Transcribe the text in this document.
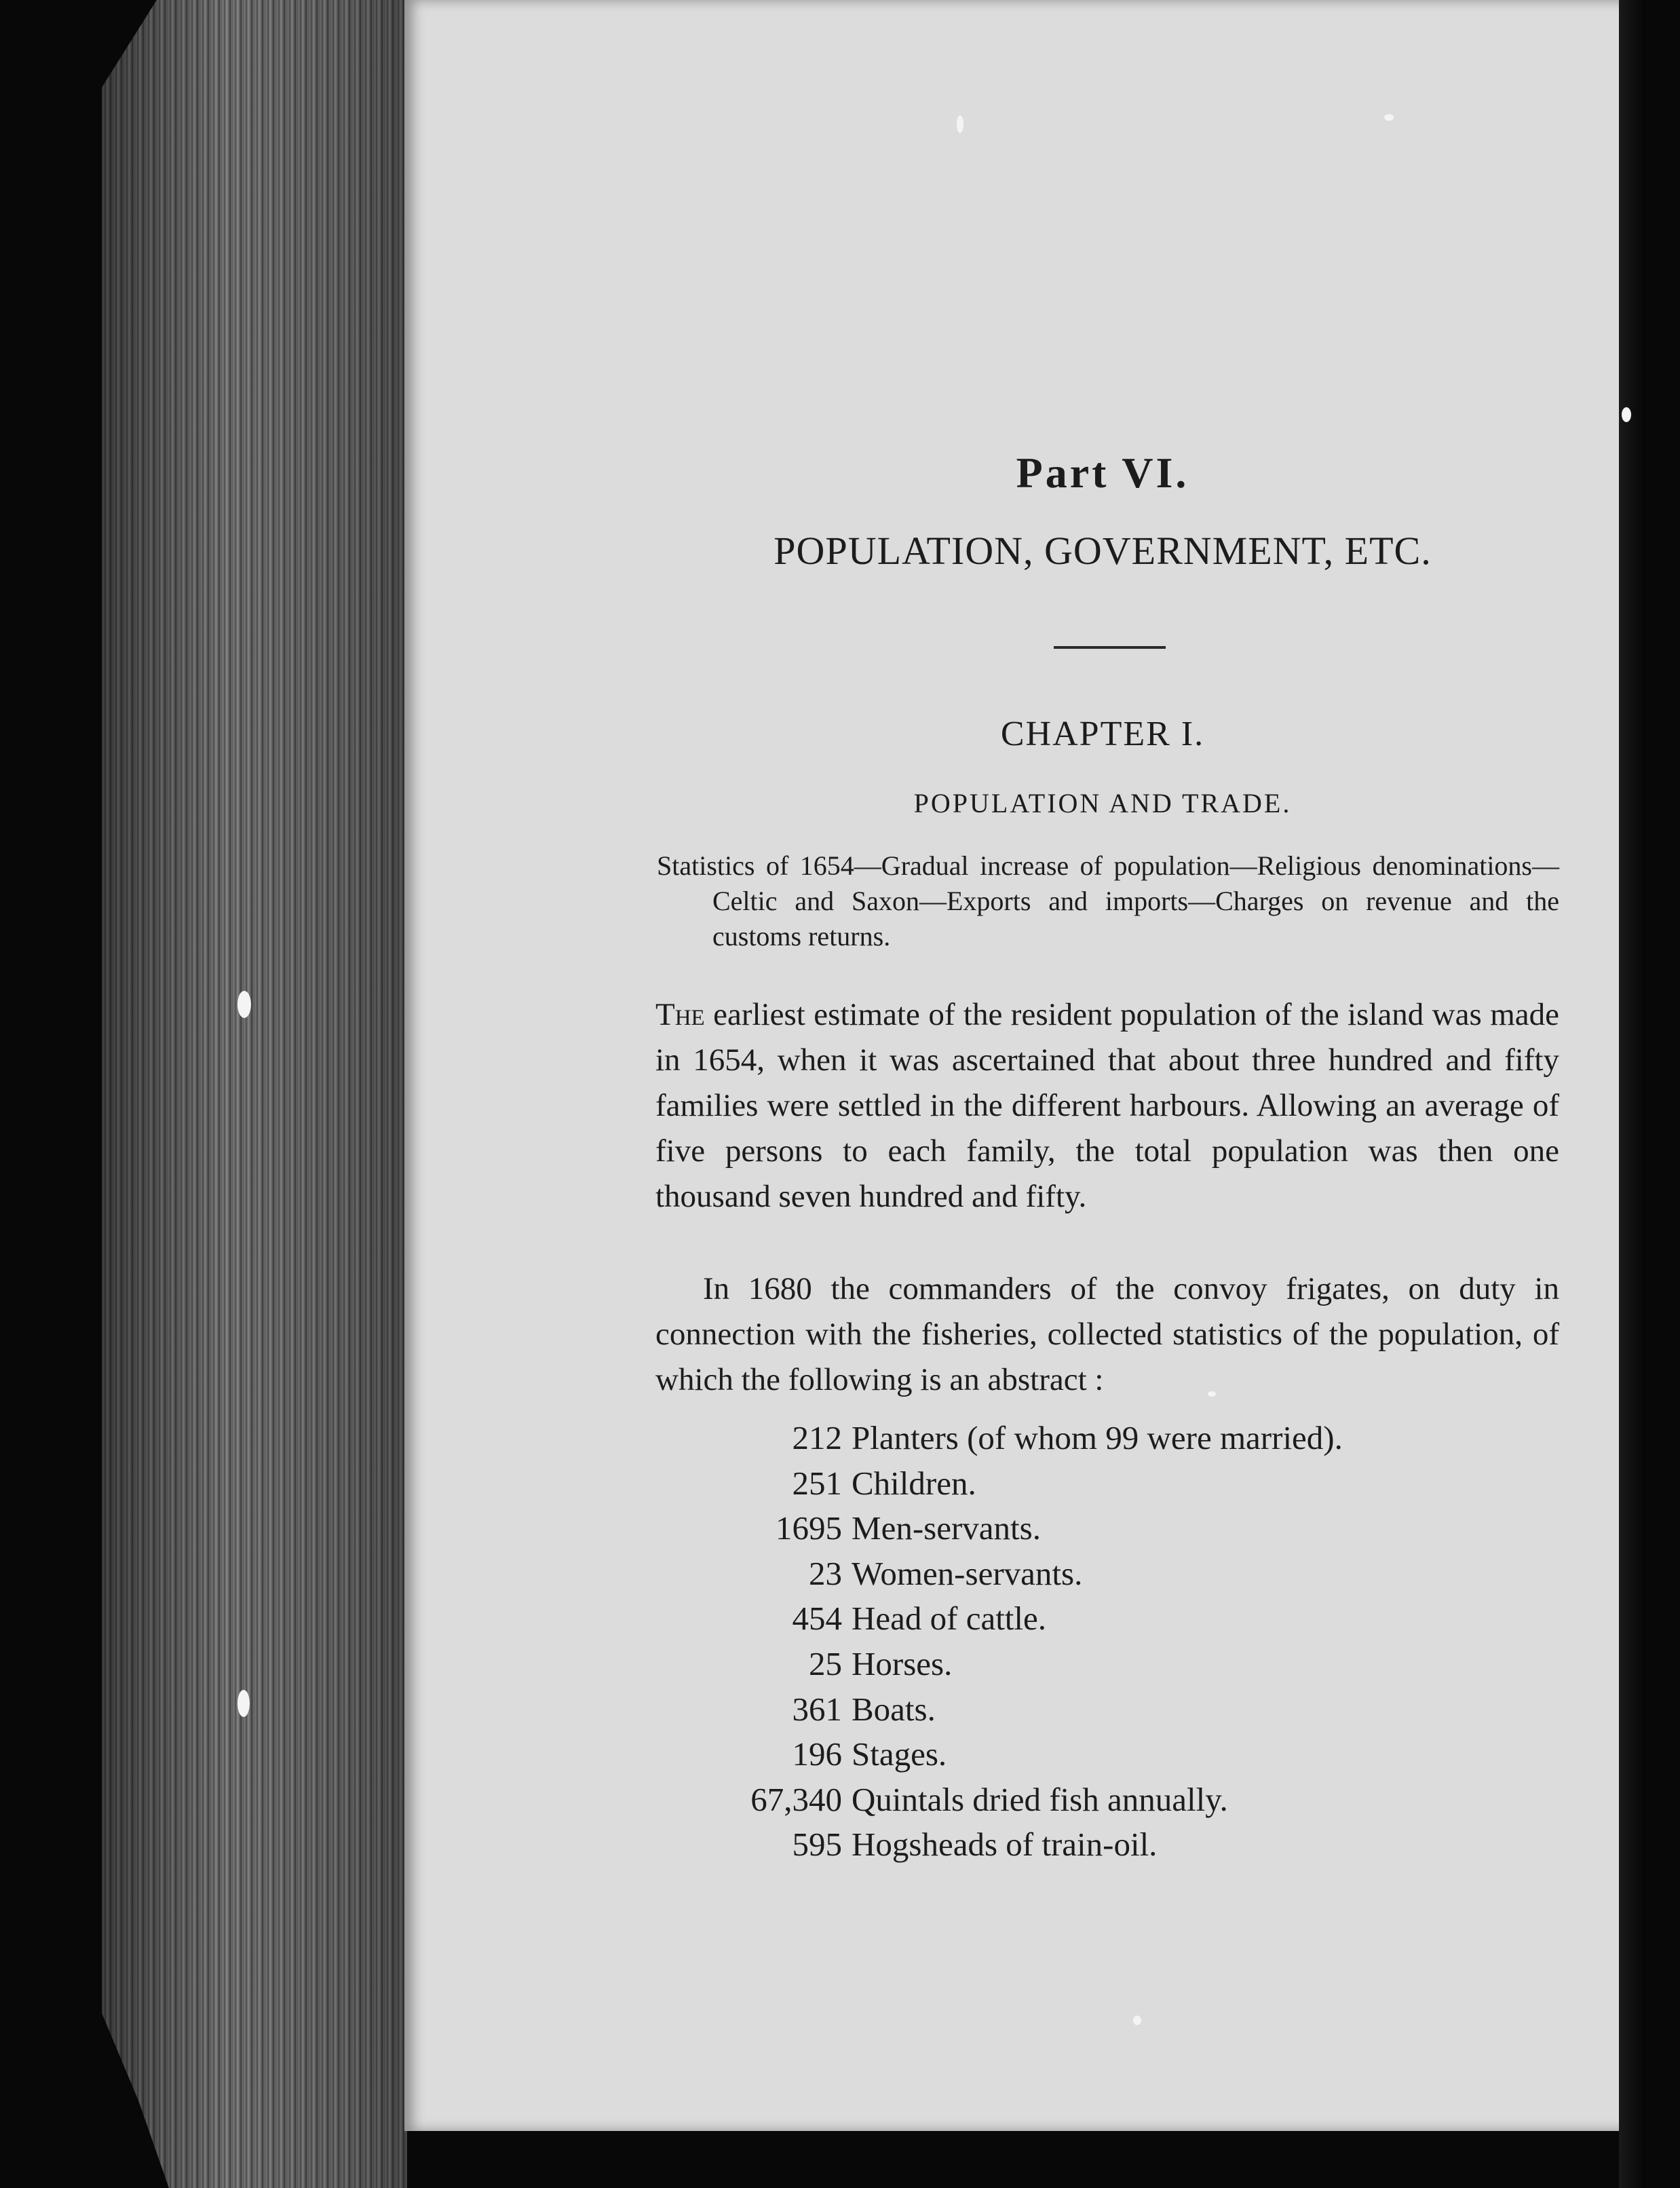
Part VI.
POPULATION, GOVERNMENT, ETC.
CHAPTER I.
POPULATION AND TRADE.
Statistics of 1654—Gradual increase of population—Religious denominations—Celtic and Saxon—Exports and imports—Charges on revenue and the customs returns.
The earliest estimate of the resident population of the island was made in 1654, when it was ascertained that about three hundred and fifty families were settled in the different harbours. Allowing an average of five persons to each family, the total population was then one thousand seven hundred and fifty.
In 1680 the commanders of the convoy frigates, on duty in connection with the fisheries, collected statistics of the population, of which the following is an abstract :
212 Planters (of whom 99 were married).
251 Children.
1695 Men-servants.
23 Women-servants.
454 Head of cattle.
25 Horses.
361 Boats.
196 Stages.
67,340 Quintals dried fish annually.
595 Hogsheads of train-oil.
